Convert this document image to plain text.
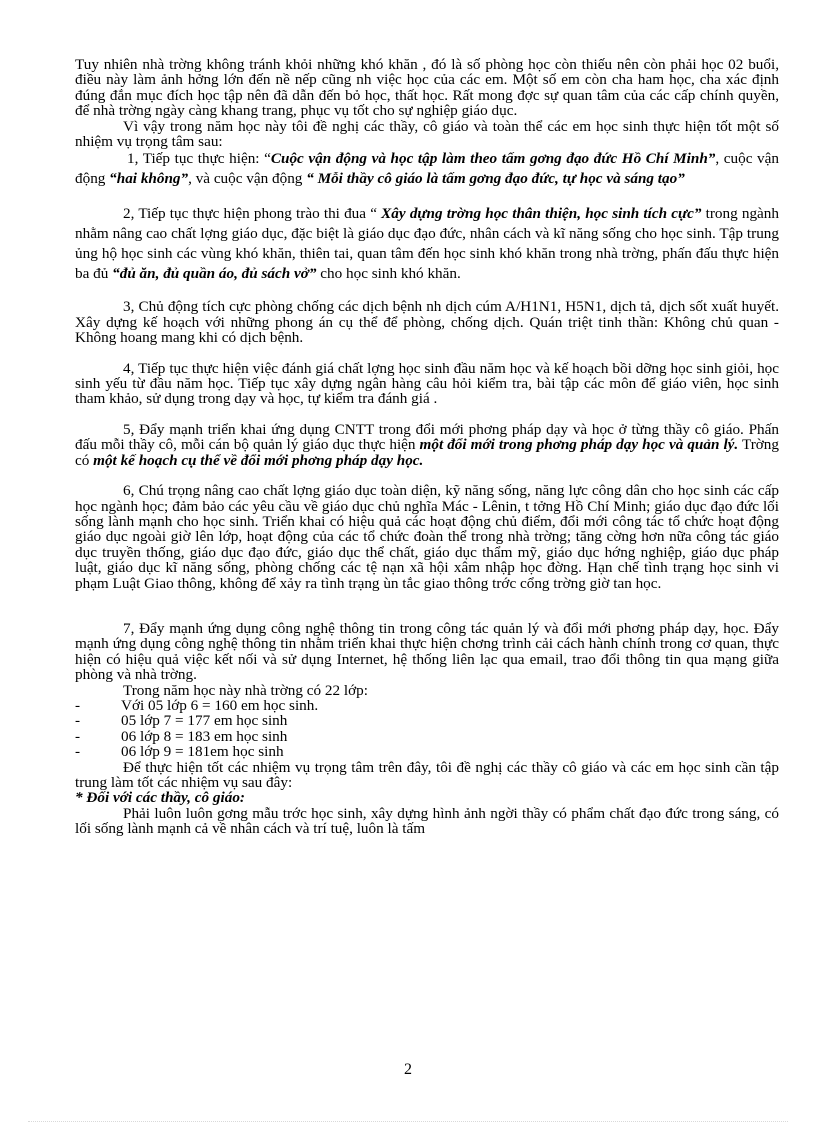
Tuy nhiên nhà trờng không tránh khỏi những khó khăn , đó là số phòng học còn thiếu nên còn phải học 02 buổi, điều này làm ảnh hởng lớn đến nề nếp cũng nh việc học của các em. Một số em còn cha ham học, cha xác định đúng đắn mục đích học tập nên đã dẫn đến bỏ học, thất học. Rất mong đợc sự quan tâm của các cấp chính quyền, để nhà trờng ngày càng khang trang, phục vụ tốt cho sự nghiệp giáo dục.

Vì vậy trong năm học này tôi đề nghị các thầy, cô giáo và toàn thể các em học sinh thực hiện tốt một số nhiệm vụ trọng tâm sau:

1, Tiếp tục thực hiện: “Cuộc vận động và học tập làm theo tấm gơng đạo đức Hồ Chí Minh”, cuộc vận động “hai không”, và cuộc vận động “ Mỗi thầy cô giáo là tấm gơng đạo đức, tự học và sáng tạo”

2, Tiếp tục thực hiện phong trào thi đua “ Xây dựng trờng học thân thiện, học sinh tích cực” trong ngành nhằm nâng cao chất lợng giáo dục, đặc biệt là giáo dục đạo đức, nhân cách và kĩ năng sống cho học sinh. Tập trung ủng hộ học sinh các vùng khó khăn, thiên tai, quan tâm đến học sinh khó khăn trong nhà trờng, phấn đấu thực hiện ba đủ “đủ ăn, đủ quần áo, đủ sách vở” cho học sinh khó khăn.

3, Chủ động tích cực phòng chống các dịch bệnh nh dịch cúm A/H1N1, H5N1, dịch tả, dịch sốt xuất huyết. Xây dựng kế hoạch với những phong án cụ thể để phòng, chống dịch. Quán triệt tinh thần: Không chủ quan - Không hoang mang khi có dịch bệnh.

4, Tiếp tục thực hiện việc đánh giá chất lợng học sinh đầu năm học và kế hoạch bồi dỡng học sinh giỏi, học sinh yếu từ đầu năm học. Tiếp tục xây dựng ngân hàng câu hỏi kiểm tra, bài tập các môn để giáo viên, học sinh tham khảo, sử dụng trong dạy và học, tự kiểm tra đánh giá .

5, Đẩy mạnh triển khai ứng dụng CNTT trong đổi mới phơng pháp dạy và học ở từng thầy cô giáo. Phấn đấu mỗi thầy cô, mỗi cán bộ quản lý giáo dục thực hiện một đổi mới trong phơng pháp dạy học và quản lý. Trờng có một kế hoạch cụ thể về đổi mới phơng pháp dạy học.

6, Chú trọng nâng cao chất lợng giáo dục toàn diện, kỹ năng sống, năng lực công dân cho học sinh các cấp học ngành học; đảm bảo các yêu cầu về giáo dục chủ nghĩa Mác - Lênin, t tởng Hồ Chí Minh; giáo dục đạo đức lối sống lành mạnh cho học sinh. Triển khai có hiệu quả các hoạt động chủ điểm, đổi mới công tác tổ chức hoạt động giáo dục ngoài giờ lên lớp, hoạt động của các tổ chức đoàn thể trong nhà trờng; tăng cờng hơn nữa công tác giáo dục truyền thống, giáo dục đạo đức, giáo dục thể chất, giáo dục thẩm mỹ, giáo dục hớng nghiệp, giáo dục pháp luật, giáo dục kĩ năng sống, phòng chống các tệ nạn xã hội xâm nhập học đờng. Hạn chế tình trạng học sinh vi phạm Luật Giao thông, không để xảy ra tình trạng ùn tắc giao thông trớc cổng trờng giờ tan học.

7, Đẩy mạnh ứng dụng công nghệ thông tin trong công tác quản lý và đổi mới phơng pháp dạy, học. Đẩy mạnh ứng dụng công nghệ thông tin nhằm triển khai thực hiện chơng trình cải cách hành chính trong cơ quan, thực hiện có hiệu quả việc kết nối và sử dụng Internet, hệ thống liên lạc qua email, trao đổi thông tin qua mạng giữa phòng và nhà trờng.

Trong năm học này nhà trờng có 22 lớp:

-	Với 05 lớp 6 = 160 em học sinh.
-	05 lớp 7 = 177 em học sinh
-	06 lớp 8 = 183 em học sinh
-	06 lớp 9 = 181em học sinh

Để thực hiện tốt các nhiệm vụ trọng tâm trên đây, tôi đề nghị các thầy cô giáo và các em học sinh cần tập trung làm tốt các nhiệm vụ sau đây:

* Đối với các thầy, cô giáo:

Phải luôn luôn gơng mẫu trớc học sinh, xây dựng hình ảnh ngời thầy có phẩm chất đạo đức trong sáng, có lối sống lành mạnh cả về nhân cách và trí tuệ, luôn là tấm

2
